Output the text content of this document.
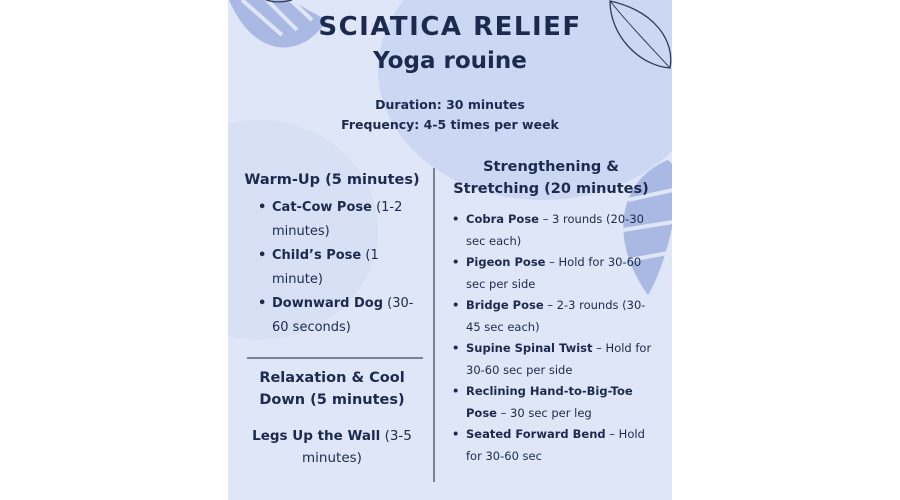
SCIATICA RELIEF
Yoga rouine

Duration: 30 minutes

Frequency: 4-5 times per week

Warm-Up (5 minutes)
• Cat-Cow Pose (1-2 minutes)
• Child’s Pose (1 minute)
• Downward Dog (30-60 seconds)
Relaxation & Cool Down (5 minutes)

Legs Up the Wall (3-5 minutes)

Strengthening & Stretching (20 minutes)
• Cobra Pose – 3 rounds (20-30 sec each)
• Pigeon Pose – Hold for 30-60 sec per side
• Bridge Pose – 2-3 rounds (30-45 sec each)
• Supine Spinal Twist – Hold for 30-60 sec per side
• Reclining Hand-to-Big-Toe Pose – 30 sec per leg
• Seated Forward Bend – Hold for 30-60 sec
